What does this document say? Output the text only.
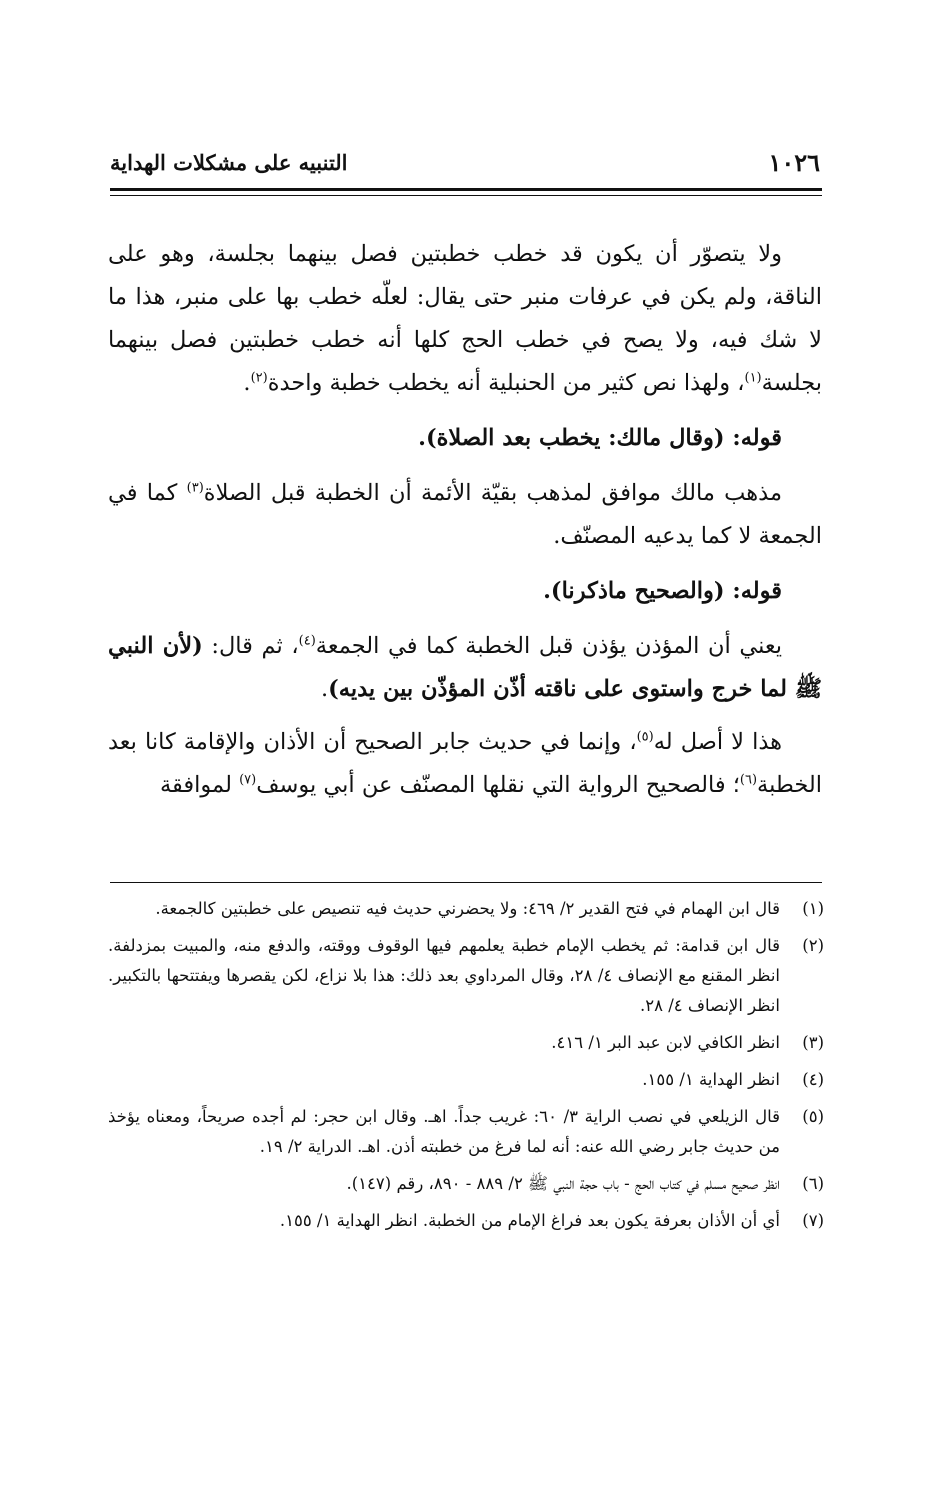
التنبيه على مشكلات الهداية	١٠٢٦

ولا يتصوّر أن يكون قد خطب خطبتين فصل بينهما بجلسة، وهو على الناقة، ولم يكن في عرفات منبر حتى يقال: لعلّه خطب بها على منبر، هذا ما لا شك فيه، ولا يصح في خطب الحج كلها أنه خطب خطبتين فصل بينهما بجلسة$^{(١)}$، ولهذا نص كثير من الحنبلية أنه يخطب خطبة واحدة$^{(٢)}$.

قوله: (وقال مالك: يخطب بعد الصلاة).

مذهب مالك موافق لمذهب بقيّة الأئمة أن الخطبة قبل الصلاة$^{(٣)}$ كما في الجمعة لا كما يدعيه المصنّف.

قوله: (والصحيح ماذكرنا).

يعني أن المؤذن يؤذن قبل الخطبة كما في الجمعة$^{(٤)}$، ثم قال: (لأن النبي ﷺ لما خرج واستوى على ناقته أذّن المؤذّن بين يديه).

هذا لا أصل له$^{(٥)}$، وإنما في حديث جابر الصحيح أن الأذان والإقامة كانا بعد الخطبة$^{(٦)}$؛ فالصحيح الرواية التي نقلها المصنّف عن أبي يوسف$^{(٧)}$ لموافقة

(١)
قال ابن الهمام في فتح القدير ٢/ ٤٦٩: ولا يحضرني حديث فيه تنصيص على خطبتين كالجمعة.
(٢)
قال ابن قدامة: ثم يخطب الإمام خطبة يعلمهم فيها الوقوف ووقته، والدفع منه، والمبيت بمزدلفة. انظر المقنع مع الإنصاف ٤/ ٢٨، وقال المرداوي بعد ذلك: هذا بلا نزاع، لكن يقصرها ويفتتحها بالتكبير. انظر الإنصاف ٤/ ٢٨.
(٣)
انظر الكافي لابن عبد البر ١/ ٤١٦.
(٤)
انظر الهداية ١/ ١٥٥.
(٥)
قال الزيلعي في نصب الراية ٣/ ٦٠: غريب جداً. اهـ. وقال ابن حجر: لم أجده صريحاً، ومعناه يؤخذ من حديث جابر رضي الله عنه: أنه لما فرغ من خطبته أذن. اهـ. الدراية ٢/ ١٩.
(٦)
انظر صحيح مسلم في كتاب الحج - باب حجة النبي ﷺ ٢/ ٨٨٩ - ٨٩٠، رقم (١٤٧).
(٧)
أي أن الأذان بعرفة يكون بعد فراغ الإمام من الخطبة. انظر الهداية ١/ ١٥٥.
